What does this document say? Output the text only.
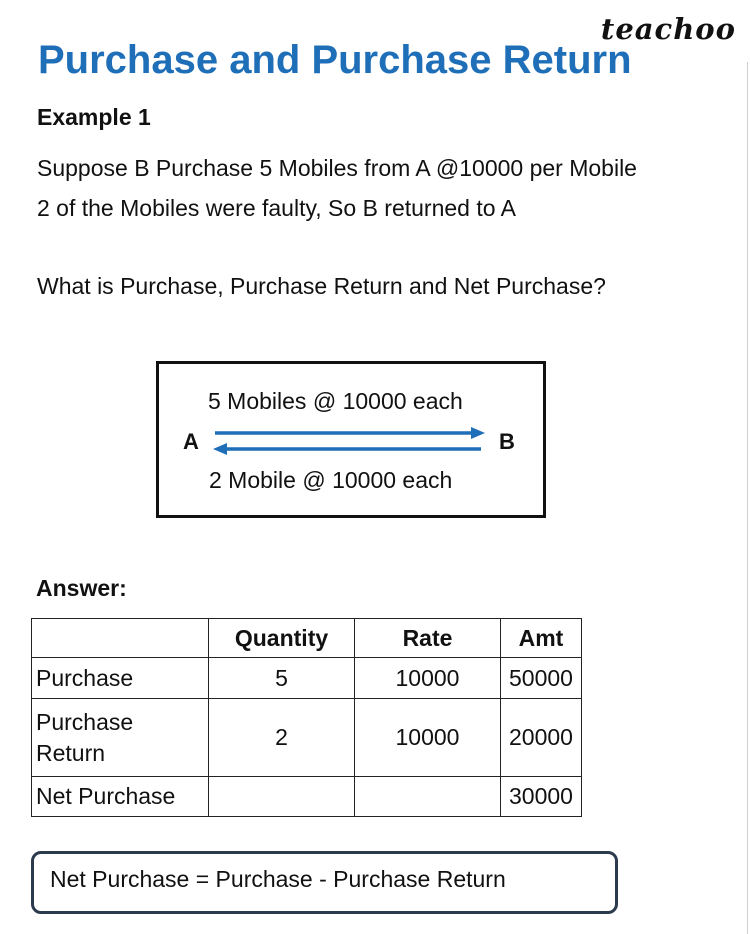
teachoo
Purchase and Purchase Return
Example 1
Suppose B Purchase 5 Mobiles from A @10000 per Mobile
2 of the Mobiles were faulty, So B returned to A
What is Purchase, Purchase Return and Net Purchase?
5 Mobiles @ 10000 each
A	B
2 Mobile @ 10000 each
Answer:
	Quantity	Rate	Amt
Purchase	5	10000	50000

Purchase
Return	2	10000	20000
Net Purchase			30000
Net Purchase = Purchase - Purchase Return
